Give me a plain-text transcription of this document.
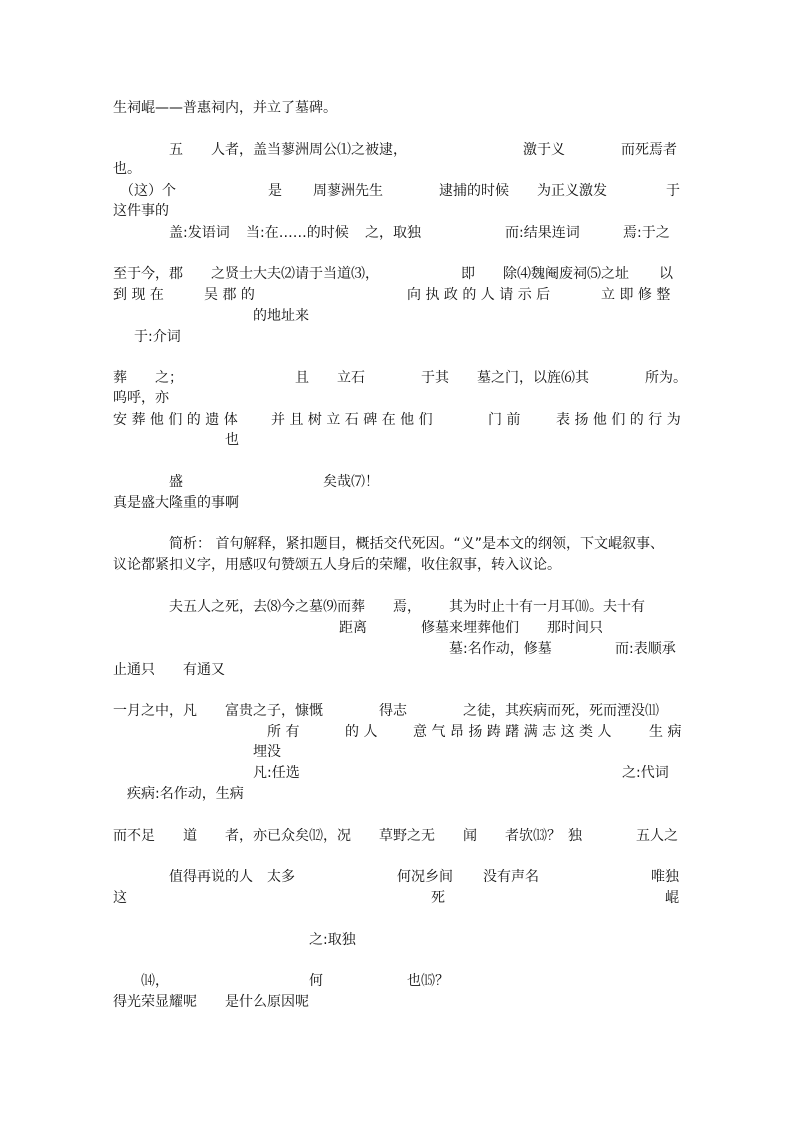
生祠崐——普惠祠内，并立了墓碑。
五 人者，盖当蓼洲周公⑴之被逮，	激于义	而死焉者
也。
（这）个	是 周蓼洲先生	逮捕的时候 为正义激发	于
这件事的
盖:发语词 当:在……的时候 之，取独	而:结果连词	焉:于之
至于今，郡 之贤士大夫⑵请于当道⑶，	即 除⑷魏阉废祠⑸之址 以
到 现 在	吴 郡 的	向 执 政 的 人 请 示 后	立 即 修 整
的地址来
于:介词
葬 之；	且 立石	于其 墓之门，以旌⑹其	所为。
呜呼，亦
安 葬 他 们 的 遗 体 并 且 树 立 石 碑 在 他 们	门 前	表 扬 他 们 的 行 为
也
盛	矣哉⑺！
真是盛大隆重的事啊
简析： 首句解释，紧扣题目，概括交代死因。“义”是本文的纲领，下文崐叙事、
议论都紧扣义字，用感叹句赞颂五人身后的荣耀，收住叙事，转入议论。
夫五人之死，去⑻今之墓⑼而葬 焉， 其为时止十有一月耳⑽。夫十有
距离	修墓来埋葬他们 那时间只
墓:名作动，修墓	而:表顺承
止通只 有通又
一月之中，凡 富贵之子，慷慨	得志	之徒，其疾病而死，死而湮没⑾
所 有	的 人	意 气 昂 扬 踌 躇 满 志 这 类 人	生 病
埋没
凡:任选	之:代词
疾病:名作动，生病
而不足 道 者，亦已众矣⑿，况 草野之无 闻 者欤⒀？ 独	五人之
值得再说的人 太多	何况乡间 没有声名	唯独
这	死	崐
之:取独
⒁，	何	也⒂？
得光荣显耀呢 是什么原因呢
